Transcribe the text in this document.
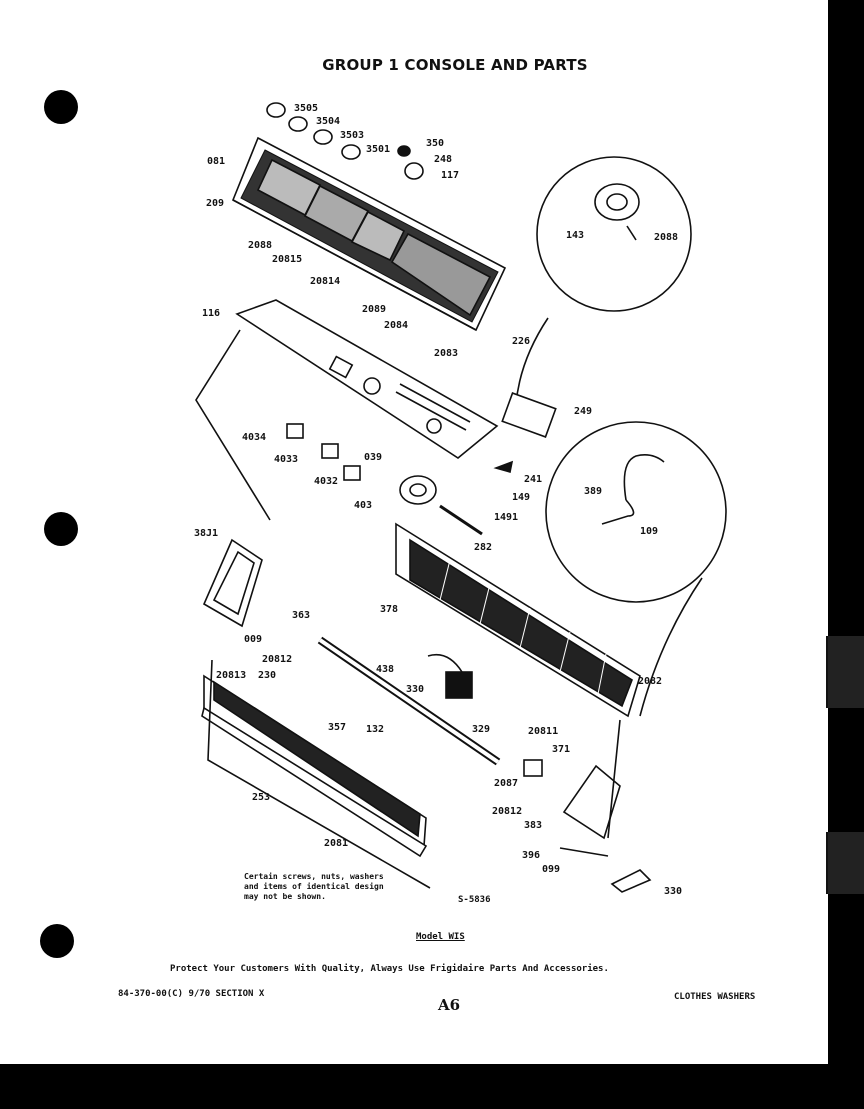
GROUP 1 CONSOLE AND PARTS
3505
3504
3503
3501
350
248
117
081
209
143	2088
2088
20815
20814
2089
2084
2083
116
226
249
4034
4033	039
4032
403
241
149
1491
282
389
109
38J1
378
363
009
20812
20813 230
438
330
2082
132	329	20811
357
371
2087
20812
253
383
2081
396
099
330
Certain screws, nuts, washers
and items of identical design
may not be shown.	S-5836
Model WIS
Protect Your Customers With Quality, Always Use Frigidaire Parts And Accessories.
84-370-00(C) 9/70 SECTION X
A6	CLOTHES WASHERS
